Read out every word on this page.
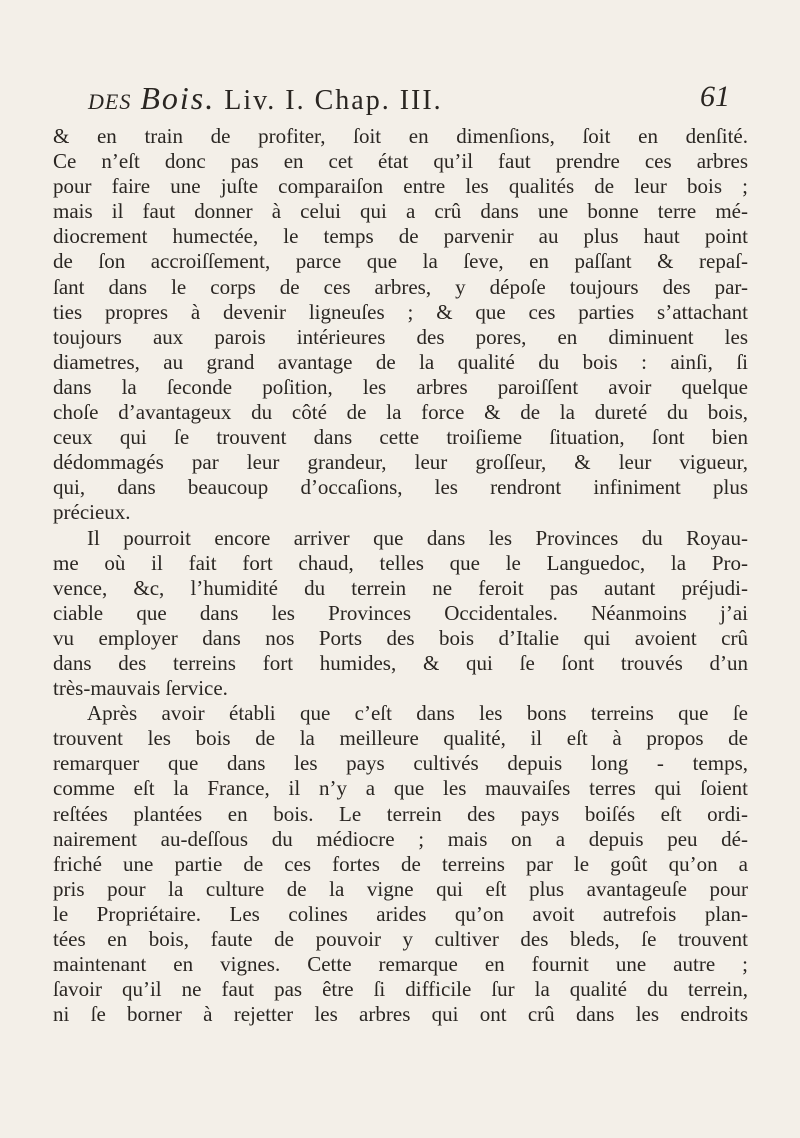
DES Bois. Liv. I. Chap. III.	61
& en train de profiter, ſoit en dimenſions, ſoit en denſité.
Ce n’eſt donc pas en cet état qu’il faut prendre ces arbres
pour faire une juſte comparaiſon entre les qualités de leur bois ;
mais il faut donner à celui qui a crû dans une bonne terre mé-
diocrement humectée, le temps de parvenir au plus haut point
de ſon accroiſſement, parce que la ſeve, en paſſant & repaſ-
ſant dans le corps de ces arbres, y dépoſe toujours des par-
ties propres à devenir ligneuſes ; & que ces parties s’attachant
toujours aux parois intérieures des pores, en diminuent les
diametres, au grand avantage de la qualité du bois : ainſi, ſi
dans la ſeconde poſition, les arbres paroiſſent avoir quelque
choſe d’avantageux du côté de la force & de la dureté du bois,
ceux qui ſe trouvent dans cette troiſieme ſituation, ſont bien
dédommagés par leur grandeur, leur groſſeur, & leur vigueur,
qui, dans beaucoup d’occaſions, les rendront infiniment plus
précieux.
Il pourroit encore arriver que dans les Provinces du Royau-
me où il fait fort chaud, telles que le Languedoc, la Pro-
vence, &c, l’humidité du terrein ne feroit pas autant préjudi-
ciable que dans les Provinces Occidentales. Néanmoins j’ai
vu employer dans nos Ports des bois d’Italie qui avoient crû
dans des terreins fort humides, & qui ſe ſont trouvés d’un
très-mauvais ſervice.
Après avoir établi que c’eſt dans les bons terreins que ſe
trouvent les bois de la meilleure qualité, il eſt à propos de
remarquer que dans les pays cultivés depuis long - temps,
comme eſt la France, il n’y a que les mauvaiſes terres qui ſoient
reſtées plantées en bois. Le terrein des pays boiſés eſt ordi-
nairement au-deſſous du médiocre ; mais on a depuis peu dé-
friché une partie de ces fortes de terreins par le goût qu’on a
pris pour la culture de la vigne qui eſt plus avantageuſe pour
le Propriétaire. Les colines arides qu’on avoit autrefois plan-
tées en bois, faute de pouvoir y cultiver des bleds, ſe trouvent
maintenant en vignes. Cette remarque en fournit une autre ;
ſavoir qu’il ne faut pas être ſi difficile ſur la qualité du terrein,
ni ſe borner à rejetter les arbres qui ont crû dans les endroits
